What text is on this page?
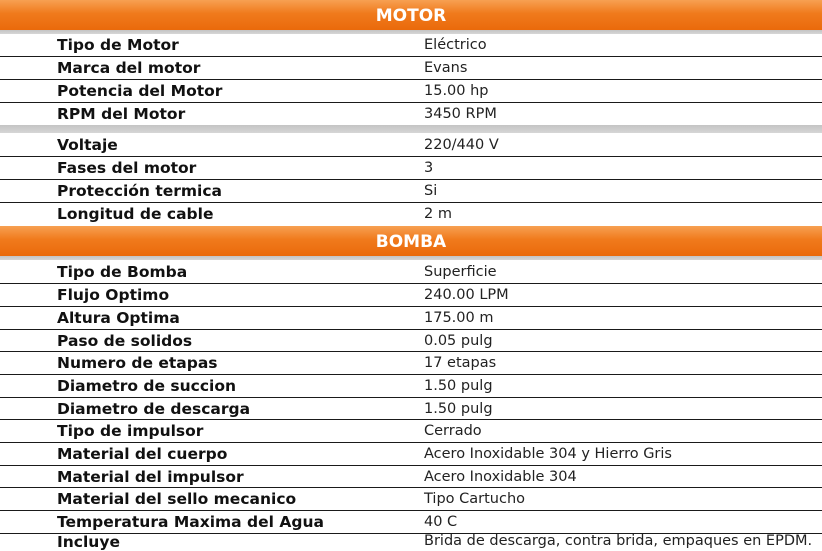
MOTOR
Tipo de Motor	Eléctrico
Marca del motor	Evans
Potencia del Motor	15.00 hp
RPM del Motor	3450 RPM
Voltaje	220/440 V
Fases del motor	3
Protección termica	Si
Longitud de cable	2 m
BOMBA
Tipo de Bomba	Superficie
Flujo Optimo	240.00 LPM
Altura Optima	175.00 m
Paso de solidos	0.05 pulg
Numero de etapas	17 etapas
Diametro de succion	1.50 pulg
Diametro de descarga	1.50 pulg
Tipo de impulsor	Cerrado
Material del cuerpo	Acero Inoxidable 304 y Hierro Gris
Material del impulsor	Acero Inoxidable 304
Material del sello mecanico	Tipo Cartucho
Temperatura Maxima del Agua	40 C
Incluye	Brida de descarga, contra brida, empaques en EPDM.
